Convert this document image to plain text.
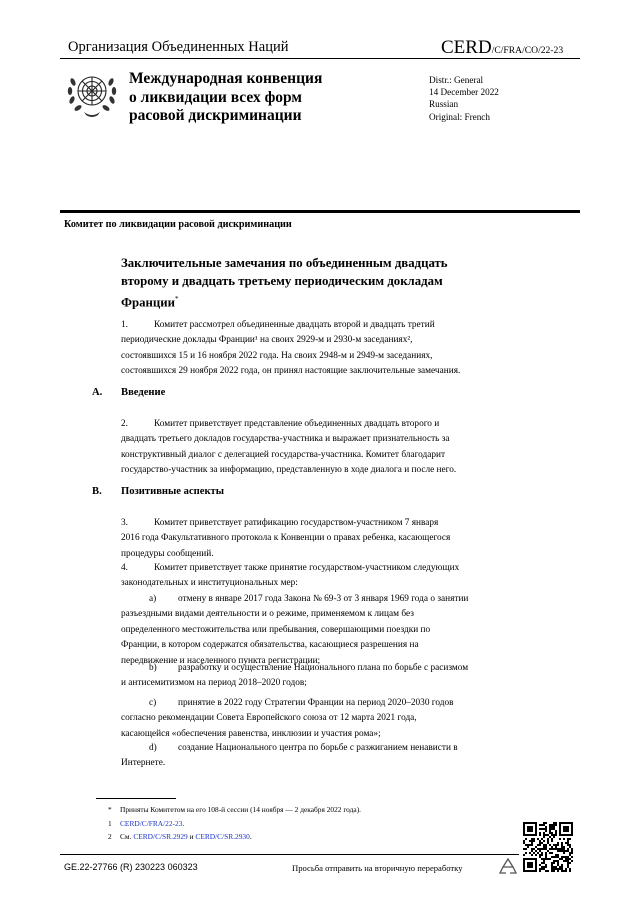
Организация Объединенных Наций	CERD/C/FRA/CO/22-23
Международная конвенция
о ликвидации всех форм
расовой дискриминации
Distr.: General
14 December 2022
Russian
Original: French
Комитет по ликвидации расовой дискриминации
Заключительные замечания по объединенным двадцать
второму и двадцать третьему периодическим докладам
Франции*
1.	Комитет рассмотрел объединенные двадцать второй и двадцать третий
периодические доклады Франции¹ на своих 2929-м и 2930-м заседаниях²,
состоявшихся 15 и 16 ноября 2022 года. На своих 2948-м и 2949-м заседаниях,
состоявшихся 29 ноября 2022 года, он принял настоящие заключительные замечания.
A. Введение
2.	Комитет приветствует представление объединенных двадцать второго и
двадцать третьего докладов государства-участника и выражает признательность за
конструктивный диалог с делегацией государства-участника. Комитет благодарит
государство-участник за информацию, представленную в ходе диалога и после него.
B. Позитивные аспекты
3.	Комитет приветствует ратификацию государством-участником 7 января
2016 года Факультативного протокола к Конвенции о правах ребенка, касающегося
процедуры сообщений.
4.	Комитет приветствует также принятие государством-участником следующих
законодательных и институциональных мер:
a) отмену в январе 2017 года Закона № 69-3 от 3 января 1969 года о занятии
разъездными видами деятельности и о режиме, применяемом к лицам без
определенного местожительства или пребывания, совершающими поездки по
Франции, в котором содержатся обязательства, касающиеся разрешения на
передвижение и населенного пункта регистрации;
b) разработку и осуществление Национального плана по борьбе с расизмом
и антисемитизмом на период 2018–2020 годов;
c) принятие в 2022 году Стратегии Франции на период 2020–2030 годов
согласно рекомендации Совета Европейского союза от 12 марта 2021 года,
касающейся «обеспечения равенства, инклюзии и участия рома»;
d) создание Национального центра по борьбе с разжиганием ненависти в
Интернете.
* Приняты Комитетом на его 108-й сессии (14 ноября — 2 декабря 2022 года).
1 CERD/C/FRA/22-23.
2 См. CERD/C/SR.2929 и CERD/C/SR.2930.
GE.22-27766 (R) 230223 060323	Просьба отправить на вторичную переработку
